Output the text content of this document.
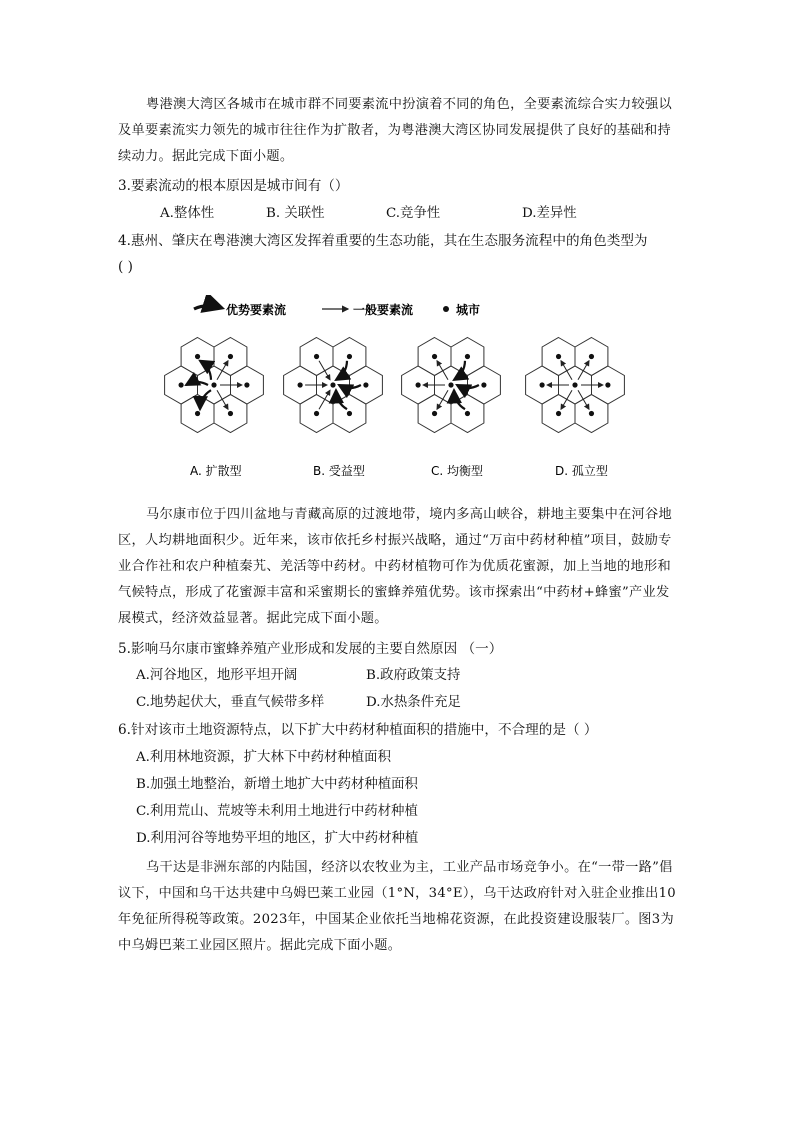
粤港澳大湾区各城市在城市群不同要素流中扮演着不同的角色，全要素流综合实力较强以及单要素流实力领先的城市往往作为扩散者，为粤港澳大湾区协同发展提供了良好的基础和持续动力。据此完成下面小题。
3.要素流动的根本原因是城市间有（）
A.整体性	B. 关联性	C.竞争性	D.差异性
4.惠州、肇庆在粤港澳大湾区发挥着重要的生态功能，其在生态服务流程中的角色类型为
( )
优势要素流	一般要素流	城市
A. 扩散型	B. 受益型	C. 均衡型	D. 孤立型
马尔康市位于四川盆地与青藏高原的过渡地带，境内多高山峡谷，耕地主要集中在河谷地区，人均耕地面积少。近年来，该市依托乡村振兴战略，通过“万亩中药材种植”项目，鼓励专业合作社和农户种植秦艽、羌活等中药材。中药材植物可作为优质花蜜源，加上当地的地形和气候特点，形成了花蜜源丰富和采蜜期长的蜜蜂养殖优势。该市探索出“中药材+蜂蜜”产业发展模式，经济效益显著。据此完成下面小题。
5.影响马尔康市蜜蜂养殖产业形成和发展的主要自然原因 （一）
A.河谷地区，地形平坦开阔	B.政府政策支持
C.地势起伏大，垂直气候带多样	D.水热条件充足
6.针对该市土地资源特点，以下扩大中药材种植面积的措施中，不合理的是（ ）
A.利用林地资源，扩大林下中药材种植面积
B.加强土地整治，新增土地扩大中药材种植面积
C.利用荒山、荒坡等未利用土地进行中药材种植
D.利用河谷等地势平坦的地区，扩大中药材种植
乌干达是非洲东部的内陆国，经济以农牧业为主，工业产品市场竞争小。在“一带一路”倡议下，中国和乌干达共建中乌姆巴莱工业园（1°N，34°E），乌干达政府针对入驻企业推出10年免征所得税等政策。2023年，中国某企业依托当地棉花资源，在此投资建设服装厂。图3为中乌姆巴莱工业园区照片。据此完成下面小题。
